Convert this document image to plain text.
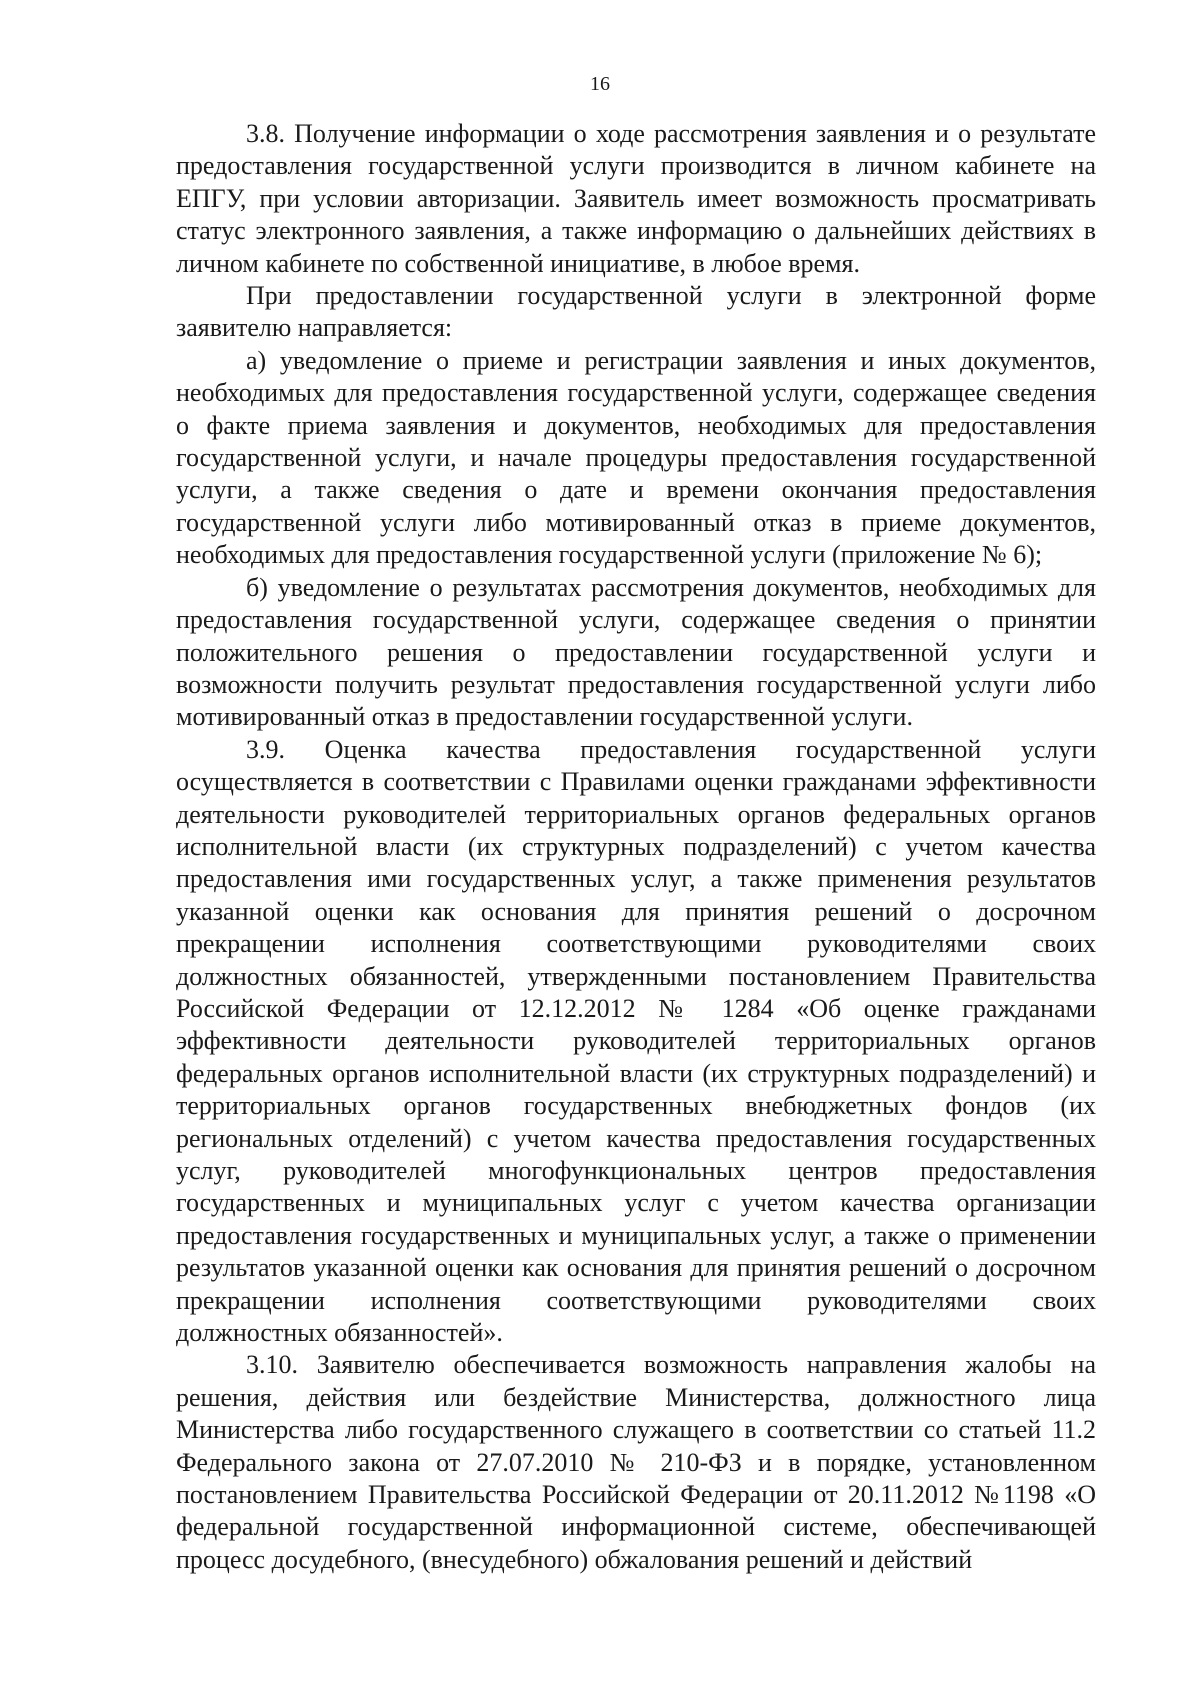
16

3.8. Получение информации о ходе рассмотрения заявления и о результате предоставления государственной услуги производится в личном кабинете на ЕПГУ, при условии авторизации. Заявитель имеет возможность просматривать статус электронного заявления, а также информацию о дальнейших действиях в личном кабинете по собственной инициативе, в любое время.

При предоставлении государственной услуги в электронной форме заявителю направляется:

а) уведомление о приеме и регистрации заявления и иных документов, необходимых для предоставления государственной услуги, содержащее сведения о факте приема заявления и документов, необходимых для предоставления государственной услуги, и начале процедуры предоставления государственной услуги, а также сведения о дате и времени окончания предоставления государственной услуги либо мотивированный отказ в приеме документов, необходимых для предоставления государственной услуги (приложение № 6);

б) уведомление о результатах рассмотрения документов, необходимых для предоставления государственной услуги, содержащее сведения о принятии положительного решения о предоставлении государственной услуги и возможности получить результат предоставления государственной услуги либо мотивированный отказ в предоставлении государственной услуги.

3.9. Оценка качества предоставления государственной услуги осуществляется в соответствии с Правилами оценки гражданами эффективности деятельности руководителей территориальных органов федеральных органов исполнительной власти (их структурных подразделений) с учетом качества предоставления ими государственных услуг, а также применения результатов указанной оценки как основания для принятия решений о досрочном прекращении исполнения соответствующими руководителями своих должностных обязанностей, утвержденными постановлением Правительства Российской Федерации от 12.12.2012 № 1284 «Об оценке гражданами эффективности деятельности руководителей территориальных органов федеральных органов исполнительной власти (их структурных подразделений) и территориальных органов государственных внебюджетных фондов (их региональных отделений) с учетом качества предоставления государственных услуг, руководителей многофункциональных центров предоставления государственных и муниципальных услуг с учетом качества организации предоставления государственных и муниципальных услуг, а также о применении результатов указанной оценки как основания для принятия решений о досрочном прекращении исполнения соответствующими руководителями своих должностных обязанностей».

3.10. Заявителю обеспечивается возможность направления жалобы на решения, действия или бездействие Министерства, должностного лица Министерства либо государственного служащего в соответствии со статьей 11.2 Федерального закона от 27.07.2010 № 210-ФЗ и в порядке, установленном постановлением Правительства Российской Федерации от 20.11.2012 №1198 «О федеральной государственной информационной системе, обеспечивающей процесс досудебного, (внесудебного) обжалования решений и действий
